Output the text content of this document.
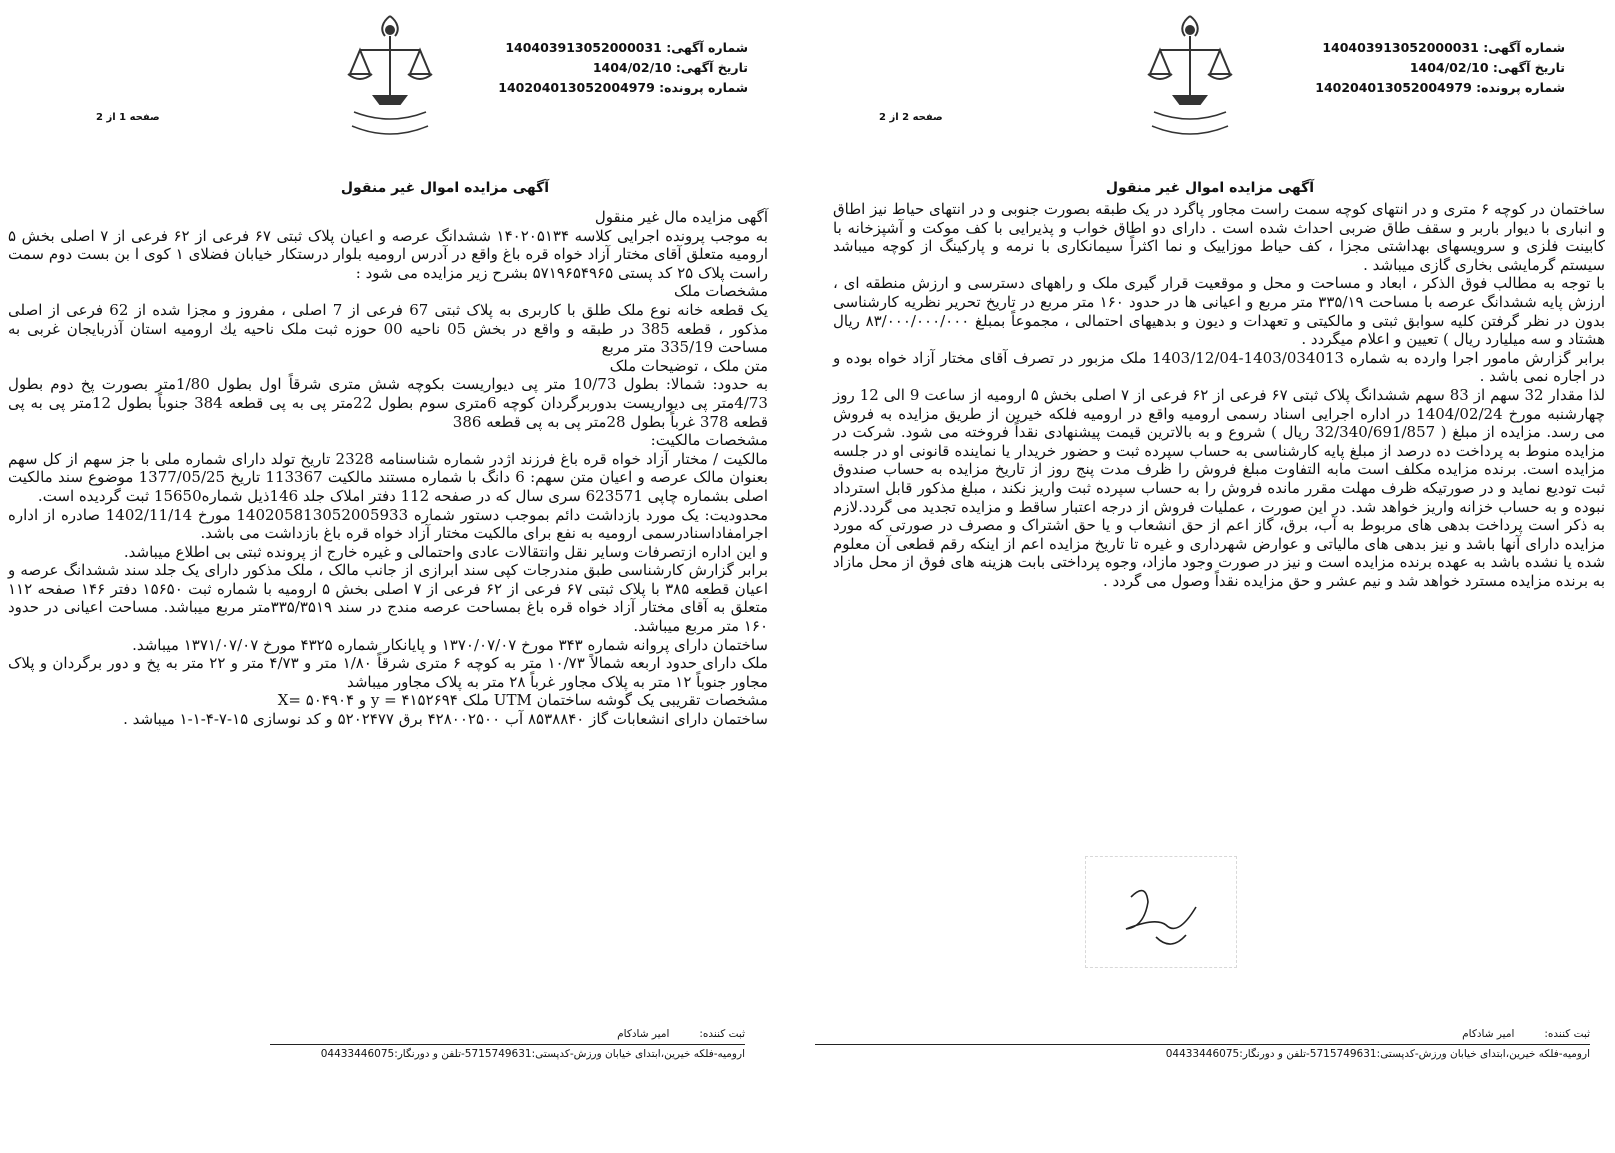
شماره آگهی: 140403913052000031
تاریخ آگهی: 1404/02/10
شماره پرونده: 140204013052004979
صفحه 2 از 2
آگهی مزایده اموال غیر منقول

ساختمان در کوچه ۶ متری و در انتهای کوچه سمت راست مجاور پاگرد در یک طبقه بصورت جنوبی و در انتهای حیاط نیز اطاق و انباری با دیوار باربر و سقف طاق ضربی احداث شده است . دارای دو اطاق خواب و پذیرایی با کف موکت و آشپزخانه با کابینت فلزی و سرویسهای بهداشتی مجزا ، کف حیاط موزاییک و نما اکثراً سیمانکاری با نرمه و پارکینگ از کوچه میباشد سیستم گرمایشی بخاری گازی میباشد .

با توجه به مطالب فوق الذکر ، ابعاد و مساحت و محل و موقعیت قرار گیری ملک و راههای دسترسی و ارزش منطقه ای ، ارزش پایه ششدانگ عرصه با مساحت ۳۳۵/۱۹ متر مربع و اعیانی ها در حدود ۱۶۰ متر مربع در تاریخ تحریر نظریه کارشناسی بدون در نظر گرفتن کلیه سوابق ثبتی و مالکیتی و تعهدات و دیون و بدهیهای احتمالی ، مجموعاً بمبلغ ۸۳/۰۰۰/۰۰۰/۰۰۰ ریال هشتاد و سه میلیارد ریال ) تعیین و اعلام میگردد .

برابر گزارش مامور اجرا وارده به شماره 1403/034013-1403/12/04 ملک مزبور در تصرف آقای مختار آزاد خواه بوده و در اجاره نمی باشد .

لذا مقدار 32 سهم از 83 سهم ششدانگ پلاک ثبتی ۶۷ فرعی از ۶۲ فرعی از ۷ اصلی بخش ۵ ارومیه از ساعت 9 الی 12 روز چهارشنبه مورخ 1404/02/24 در اداره اجرایی اسناد رسمی ارومیه واقع در ارومیه فلکه خیرین از طریق مزایده به فروش می رسد. مزایده از مبلغ ( 32/340/691/857 ریال ) شروع و به بالاترین قیمت پیشنهادی نقداً فروخته می شود. شرکت در مزایده منوط به پرداخت ده درصد از مبلغ پایه کارشناسی به حساب سپرده ثبت و حضور خریدار یا نماینده قانونی او در جلسه مزایده است. برنده مزایده مکلف است مابه التفاوت مبلغ فروش را ظرف مدت پنج روز از تاریخ مزایده به حساب صندوق ثبت تودیع نماید و در صورتیکه ظرف مهلت مقرر مانده فروش را به حساب سپرده ثبت واریز نکند ، مبلغ مذکور قابل استرداد نبوده و به حساب خزانه واریز خواهد شد. در این صورت ، عملیات فروش از درجه اعتبار ساقط و مزایده تجدید می گردد.لازم به ذکر است پرداخت بدهی های مربوط به آب، برق، گاز اعم از حق انشعاب و یا حق اشتراک و مصرف در صورتی که مورد مزایده دارای آنها باشد و نیز بدهی های مالیاتی و عوارض شهرداری و غیره تا تاریخ مزایده اعم از اینکه رقم قطعی آن معلوم شده یا نشده باشد به عهده برنده مزایده است و نیز در صورت وجود مازاد، وجوه پرداختی بابت هزینه های فوق از محل مازاد به برنده مزایده مسترد خواهد شد و نیم عشر و حق مزایده نقداً وصول می گردد .

ثبت کننده:
امیر شادکام
ارومیه-فلکه خیرین،ابتدای خیابان ورزش-کدپستی:5715749631-تلفن و دورنگار:04433446075
شماره آگهی: 140403913052000031
تاریخ آگهی: 1404/02/10
شماره پرونده: 140204013052004979
صفحه 1 از 2
آگهی مزایده اموال غیر منقول

آگهی مزایده مال غیر منقول

به موجب پرونده اجرایی کلاسه ۱۴۰۲۰۵۱۳۴ ششدانگ عرصه و اعیان پلاک ثبتی ۶۷ فرعی از ۶۲ فرعی از ۷ اصلی بخش ۵ ارومیه متعلق آقای مختار آزاد خواه قره باغ واقع در آدرس ارومیه بلوار درستکار خیابان فضلای ۱ کوی ا بن بست دوم سمت راست پلاک ۲۵ کد پستی ۵۷۱۹۶۵۴۹۶۵ بشرح زیر مزایده می شود :

مشخصات ملک

یک قطعه خانه نوع ملک طلق با کاربری به پلاک ثبتی 67 فرعی از 7 اصلی ، مفروز و مجزا شده از 62 فرعی از اصلی مذکور ، قطعه 385 در طبقه و واقع در بخش 05 ناحیه 00 حوزه ثبت ملک ناحیه یك ارومیه استان آذربایجان غربی به مساحت 335/19 متر مربع

متن ملک ، توضیحات ملک

به حدود: شمالا: بطول 10/73 متر پی دیواریست بکوچه شش متری شرقاً اول بطول 1/80متر بصورت پخ دوم بطول 4/73متر پی دیواریست بدوربرگردان کوچه 6متری سوم بطول 22متر پی به پی قطعه 384 جنوباً بطول 12متر پی به پی قطعه 378 غرباً بطول 28متر پی به پی قطعه 386

مشخصات مالکیت:

مالکیت / مختار آزاد خواه قره باغ فرزند اژدر شماره شناسنامه 2328 تاریخ تولد دارای شماره ملی با جز سهم از کل سهم بعنوان مالک عرصه و اعیان متن سهم: 6 دانگ با شماره مستند مالکیت 113367 تاریخ 1377/05/25 موضوع سند مالکیت اصلی بشماره چاپی 623571 سری سال که در صفحه 112 دفتر املاک جلد 146ذیل شماره15650 ثبت گردیده است.

محدودیت: یک مورد بازداشت دائم بموجب دستور شماره 140205813052005933 مورخ 1402/11/14 صادره از اداره اجرامفاداسنادرسمی ارومیه به نفع برای مالکیت مختار آزاد خواه قره باغ بازداشت می باشد.

و این اداره ازتصرفات وسایر نقل وانتقالات عادی واحتمالی و غیره خارج از پرونده ثبتی بی اطلاع میباشد.

برابر گزارش کارشناسی طبق مندرجات کپی سند ابرازی از جانب مالک ، ملک مذکور دارای یک جلد سند ششدانگ عرصه و اعیان قطعه ۳۸۵ با پلاک ثبتی ۶۷ فرعی از ۶۲ فرعی از ۷ اصلی بخش ۵ ارومیه با شماره ثبت ۱۵۶۵۰ دفتر ۱۴۶ صفحه ۱۱۲ متعلق به آقای مختار آزاد خواه قره باغ بمساحت عرصه مندج در سند ۳۳۵/۳۵۱۹متر مربع میباشد. مساحت اعیانی در حدود ۱۶۰ متر مربع میباشد.

ساختمان دارای پروانه شماره ۳۴۳ مورخ ۱۳۷۰/۰۷/۰۷ و پایانکار شماره ۴۳۲۵ مورخ ۱۳۷۱/۰۷/۰۷ میباشد.

ملک دارای حدود اربعه شمالاً ۱۰/۷۳ متر به کوچه ۶ متری شرقاً ۱/۸۰ متر و ۴/۷۳ متر و ۲۲ متر به پخ و دور برگردان و پلاک مجاور جنوباً ۱۲ متر به پلاک مجاور غرباً ۲۸ متر به پلاک مجاور میباشد

مشخصات تقریبی یک گوشه ساختمان UTM ملک y = ۴۱۵۲۶۹۴ و X= ۵۰۴۹۰۴

ساختمان دارای انشعابات گاز ۸۵۳۸۸۴۰ آب ۴۲۸۰۰۲۵۰۰ برق ۵۲۰۲۴۷۷ و کد نوسازی ۱۵-۷-۴-۱-۱ میباشد .

ثبت کننده:
امیر شادکام
ارومیه-فلکه خیرین،ابتدای خیابان ورزش-کدپستی:5715749631-تلفن و دورنگار:04433446075
